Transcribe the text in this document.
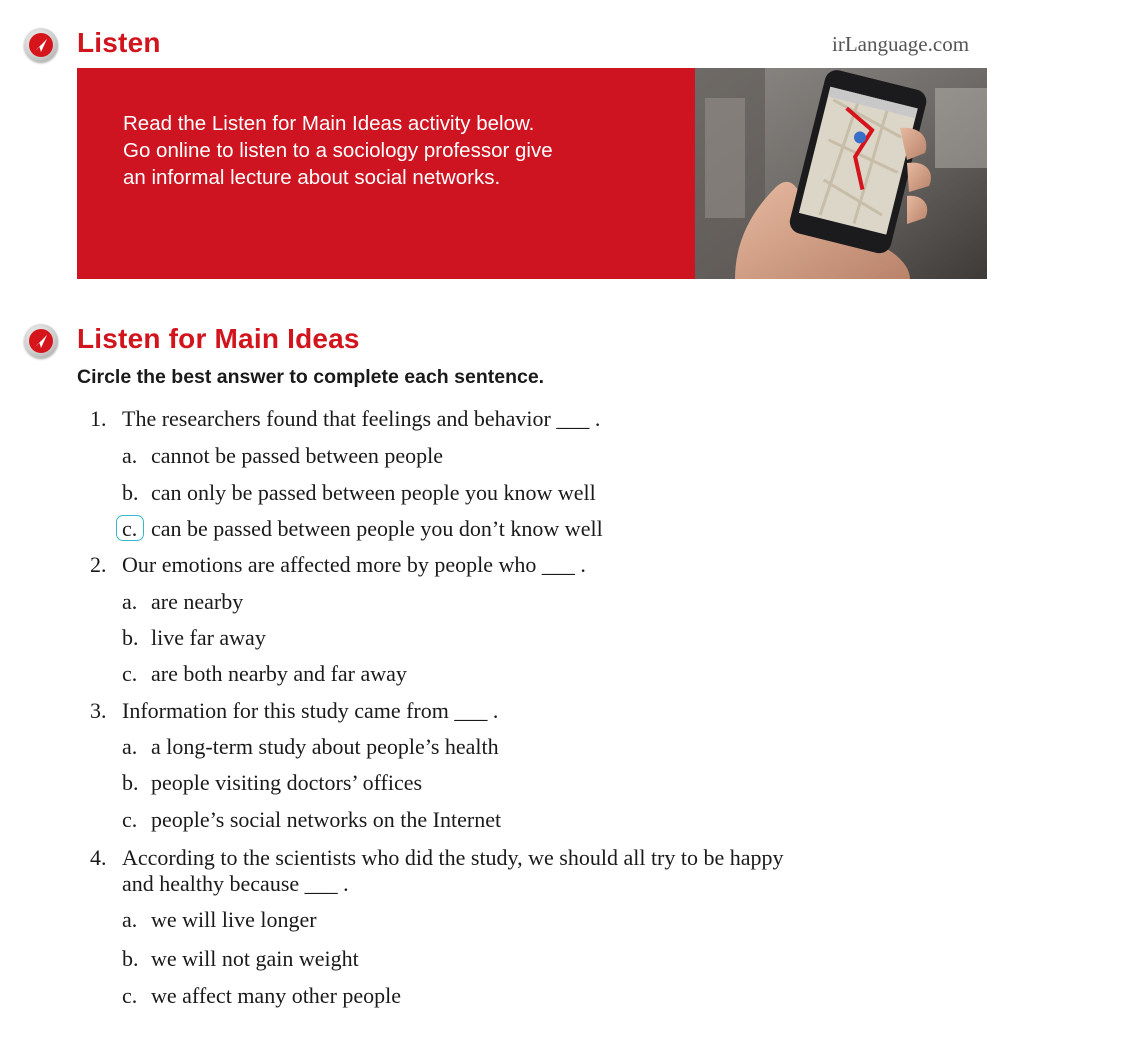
Listen	irLanguage.com
Read the Listen for Main Ideas activity below.
Go online to listen to a sociology professor give
an informal lecture about social networks.
Listen for Main Ideas
Circle the best answer to complete each sentence.
1. The researchers found that feelings and behavior ___ .
a. cannot be passed between people
b. can only be passed between people you know well
c. can be passed between people you don’t know well
2. Our emotions are affected more by people who ___ .
a. are nearby
b. live far away
c. are both nearby and far away
3. Information for this study came from ___ .
a. a long-term study about people’s health
b. people visiting doctors’ offices
c. people’s social networks on the Internet
4. According to the scientists who did the study, we should all try to be happy
and healthy because ___ .
a. we will live longer
b. we will not gain weight
c. we affect many other people
